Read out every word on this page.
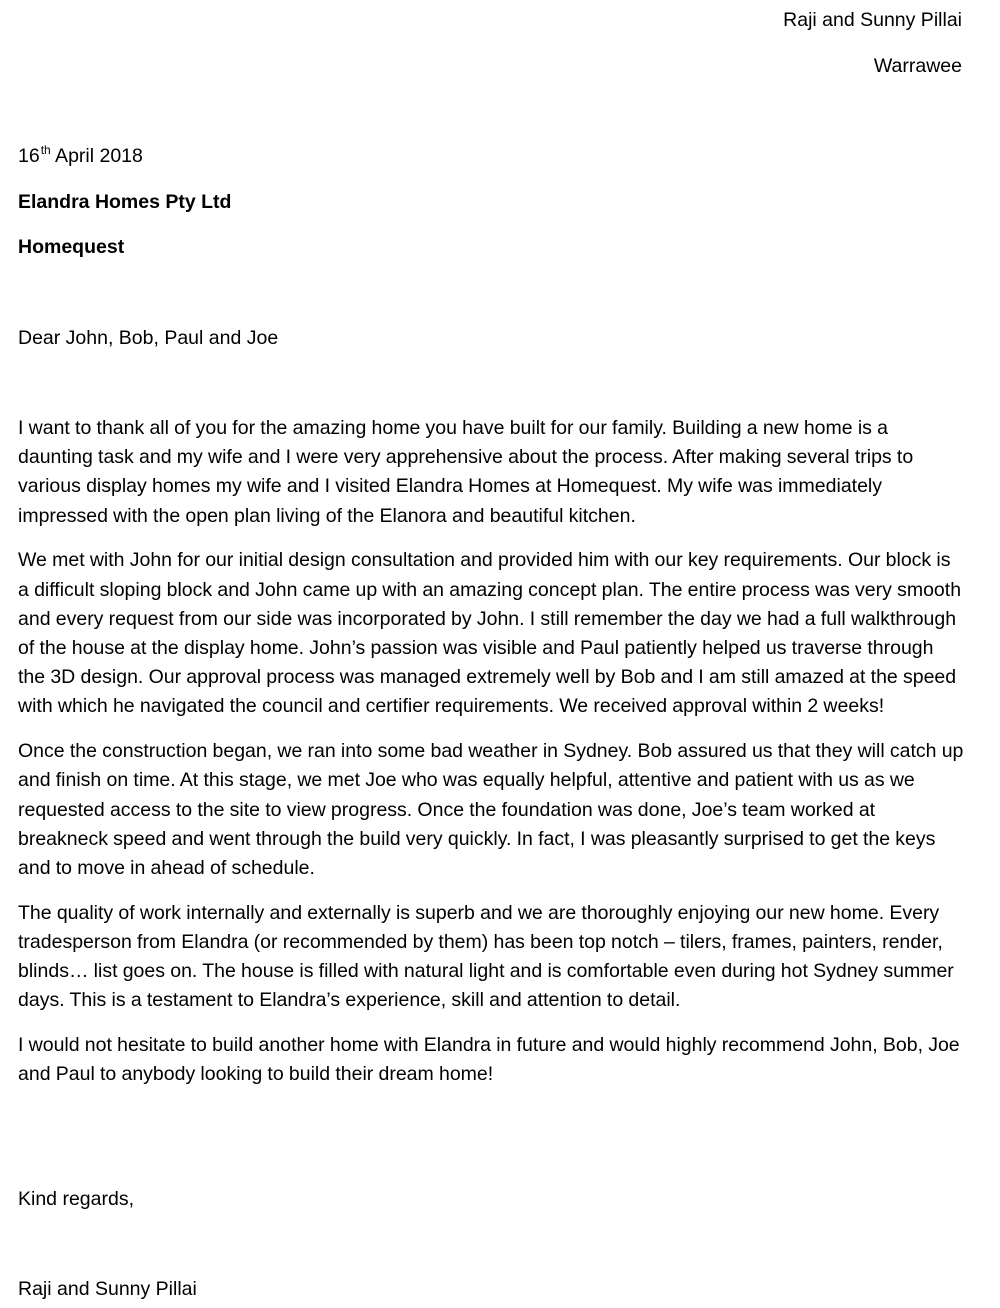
Raji and Sunny Pillai
Warrawee
16th April 2018
Elandra Homes Pty Ltd
Homequest
Dear John, Bob, Paul and Joe

I want to thank all of you for the amazing home you have built for our family. Building a new home is a daunting task and my wife and I were very apprehensive about the process. After making several trips to various display homes my wife and I visited Elandra Homes at Homequest. My wife was immediately impressed with the open plan living of the Elanora and beautiful kitchen.

We met with John for our initial design consultation and provided him with our key requirements. Our block is a difficult sloping block and John came up with an amazing concept plan. The entire process was very smooth and every request from our side was incorporated by John. I still remember the day we had a full walkthrough of the house at the display home. John’s passion was visible and Paul patiently helped us traverse through the 3D design. Our approval process was managed extremely well by Bob and I am still amazed at the speed with which he navigated the council and certifier requirements. We received approval within 2 weeks!

Once the construction began, we ran into some bad weather in Sydney. Bob assured us that they will catch up and finish on time. At this stage, we met Joe who was equally helpful, attentive and patient with us as we requested access to the site to view progress. Once the foundation was done, Joe’s team worked at breakneck speed and went through the build very quickly. In fact, I was pleasantly surprised to get the keys and to move in ahead of schedule.

The quality of work internally and externally is superb and we are thoroughly enjoying our new home. Every tradesperson from Elandra (or recommended by them) has been top notch – tilers, frames, painters, render, blinds… list goes on. The house is filled with natural light and is comfortable even during hot Sydney summer days. This is a testament to Elandra’s experience, skill and attention to detail.

I would not hesitate to build another home with Elandra in future and would highly recommend John, Bob, Joe and Paul to anybody looking to build their dream home!

Kind regards,
Raji and Sunny Pillai
